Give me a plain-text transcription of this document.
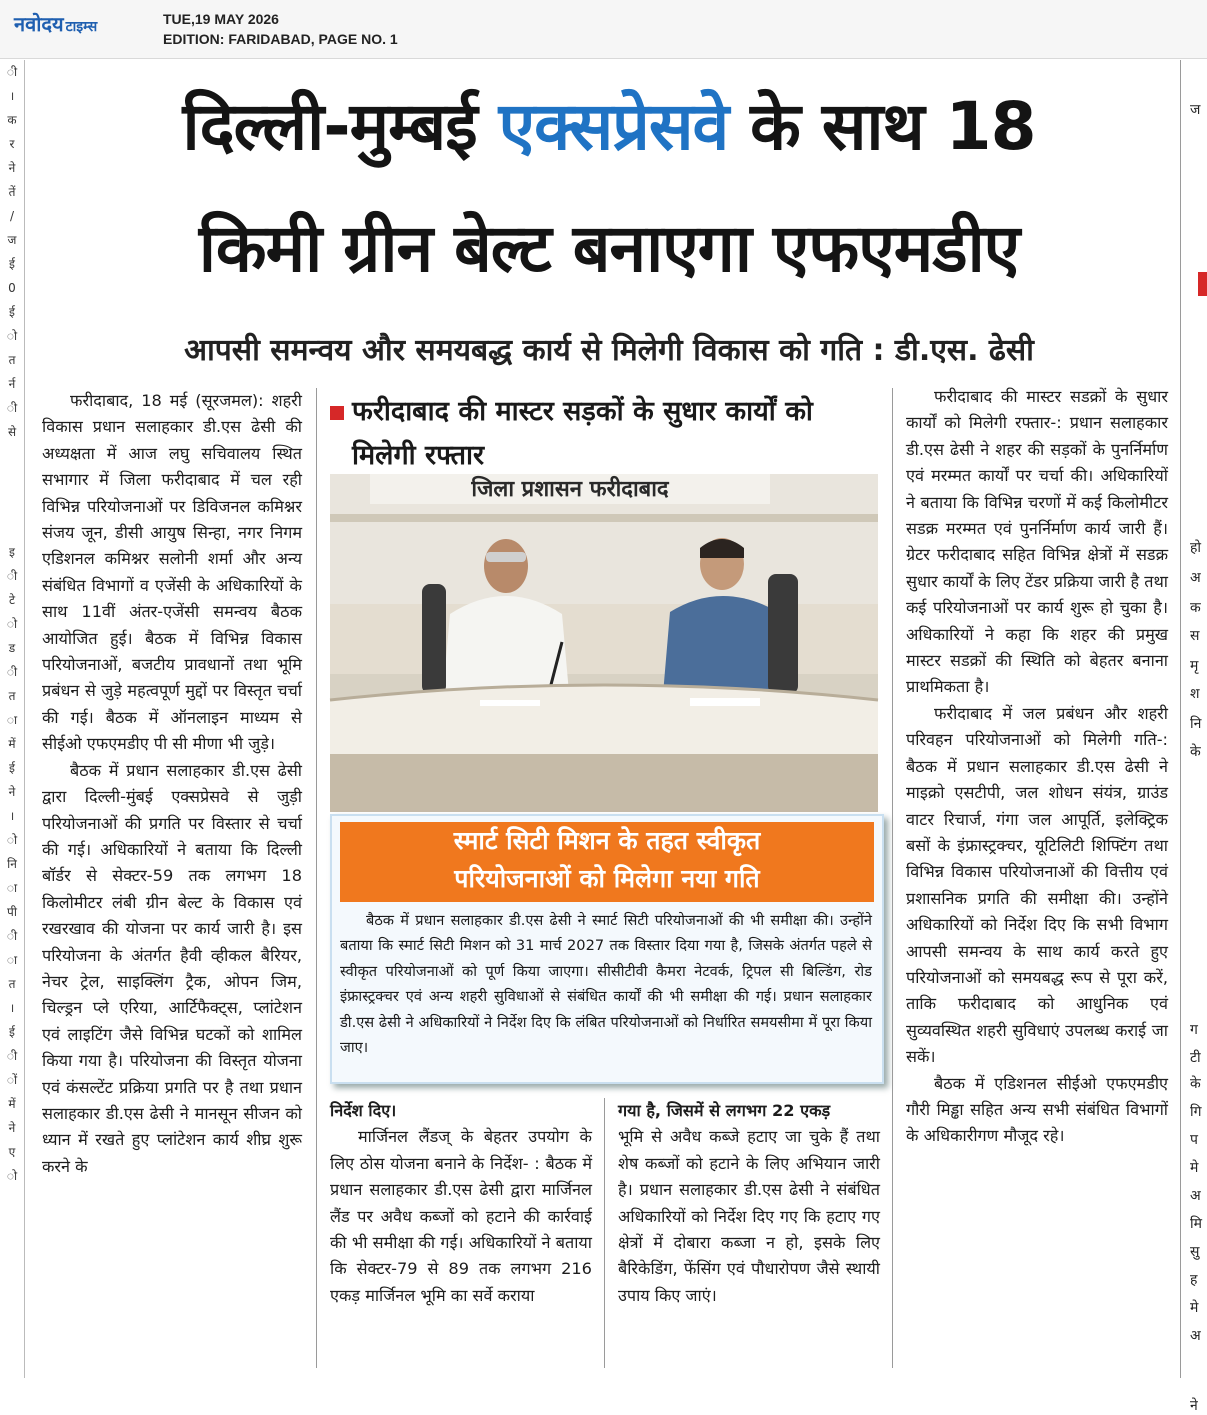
नवोदय टाइम्स	TUE,19 MAY 2026
EDITION: FARIDABAD, PAGE NO. 1
ी
।
क
र
ने
तें
/
ज
ई
0
ई
ो
त
र्न
ी
से

इ
ी
टे
ो
ड
ी
त
ा
में
ई
ने
।
ो
नि
ा
पी
ी
ा
त
।
ई
ी
ों
में
ने
ए
ो
ज
हो
अ
क
स
मृ
श
नि
के
ग
टी
के
गि
प
मे
अ
मि
सु
ह
मे
अ
ने
दिल्ली-मुम्बई एक्सप्रेसवे के साथ 18
किमी ग्रीन बेल्ट बनाएगा एफएमडीए
आपसी समन्वय और समयबद्ध कार्य से मिलेगी विकास को गति : डी.एस. ढेसी

फरीदाबाद, 18 मई (सूरजमल): शहरी विकास प्रधान सलाहकार डी.एस ढेसी की अध्यक्षता में आज लघु सचिवालय स्थित सभागार में जिला फरीदाबाद में चल रही विभिन्न परियोजनाओं पर डिविजनल कमिश्नर संजय जून, डीसी आयुष सिन्हा, नगर निगम एडिशनल कमिश्नर सलोनी शर्मा और अन्य संबंधित विभागों व एजेंसी के अधिकारियों के साथ 11वीं अंतर-एजेंसी समन्वय बैठक आयोजित हुई। बैठक में विभिन्न विकास परियोजनाओं, बजटीय प्रावधानों तथा भूमि प्रबंधन से जुड़े महत्वपूर्ण मुद्दों पर विस्तृत चर्चा की गई। बैठक में ऑनलाइन माध्यम से सीईओ एफएमडीए पी सी मीणा भी जुड़े।

बैठक में प्रधान सलाहकार डी.एस ढेसी द्वारा दिल्ली-मुंबई एक्सप्रेसवे से जुड़ी परियोजनाओं की प्रगति पर विस्तार से चर्चा की गई। अधिकारियों ने बताया कि दिल्ली बॉर्डर से सेक्टर-59 तक लगभग 18 किलोमीटर लंबी ग्रीन बेल्ट के विकास एवं रखरखाव की योजना पर कार्य जारी है। इस परियोजना के अंतर्गत हैवी व्हीकल बैरियर, नेचर ट्रेल, साइक्लिंग ट्रैक, ओपन जिम, चिल्ड्रन प्ले एरिया, आर्टिफैक्ट्स, प्लांटेशन एवं लाइटिंग जैसे विभिन्न घटकों को शामिल किया गया है। परियोजना की विस्तृत योजना एवं कंसल्टेंट प्रक्रिया प्रगति पर है तथा प्रधान सलाहकार डी.एस ढेसी ने मानसून सीजन को ध्यान में रखते हुए प्लांटेशन कार्य शीघ्र शुरू करने के

फरीदाबाद की मास्टर सड़कों के सुधार कार्यों को
मिलेगी रफ्तार
जिला प्रशासन फरीदाबाद
स्मार्ट सिटी मिशन के तहत स्वीकृत
परियोजनाओं को मिलेगा नया गति

बैठक में प्रधान सलाहकार डी.एस ढेसी ने स्मार्ट सिटी परियोजनाओं की भी समीक्षा की। उन्होंने बताया कि स्मार्ट सिटी मिशन को 31 मार्च 2027 तक विस्तार दिया गया है, जिसके अंतर्गत पहले से स्वीकृत परियोजनाओं को पूर्ण किया जाएगा। सीसीटीवी कैमरा नेटवर्क, ट्रिपल सी बिल्डिंग, रोड इंफ्रास्ट्रक्चर एवं अन्य शहरी सुविधाओं से संबंधित कार्यों की भी समीक्षा की गई। प्रधान सलाहकार डी.एस ढेसी ने अधिकारियों ने निर्देश दिए कि लंबित परियोजनाओं को निर्धारित समयसीमा में पूरा किया जाए।

निर्देश दिए।

मार्जिनल लैंडज् के बेहतर उपयोग के लिए ठोस योजना बनाने के निर्देश- : बैठक में प्रधान सलाहकार डी.एस ढेसी द्वारा मार्जिनल लैंड पर अवैध कब्जों को हटाने की कार्रवाई की भी समीक्षा की गई। अधिकारियों ने बताया कि सेक्टर-79 से 89 तक लगभग 216 एकड़ मार्जिनल भूमि का सर्वे कराया

गया है, जिसमें से लगभग 22 एकड़

भूमि से अवैध कब्जे हटाए जा चुके हैं तथा शेष कब्जों को हटाने के लिए अभियान जारी है। प्रधान सलाहकार डी.एस ढेसी ने संबंधित अधिकारियों को निर्देश दिए गए कि हटाए गए क्षेत्रों में दोबारा कब्जा न हो, इसके लिए बैरिकेडिंग, फेंसिंग एवं पौधारोपण जैसे स्थायी उपाय किए जाएं।

फरीदाबाद की मास्टर सडक्रों के सुधार कार्यों को मिलेगी रफ्तार-: प्रधान सलाहकार डी.एस ढेसी ने शहर की सड़कों के पुनर्निर्माण एवं मरम्मत कार्यों पर चर्चा की। अधिकारियों ने बताया कि विभिन्न चरणों में कई किलोमीटर सडक्र मरम्मत एवं पुनर्निर्माण कार्य जारी हैं। ग्रेटर फरीदाबाद सहित विभिन्न क्षेत्रों में सडक्र सुधार कार्यों के लिए टेंडर प्रक्रिया जारी है तथा कई परियोजनाओं पर कार्य शुरू हो चुका है। अधिकारियों ने कहा कि शहर की प्रमुख मास्टर सडक्रों की स्थिति को बेहतर बनाना प्राथमिकता है।

फरीदाबाद में जल प्रबंधन और शहरी परिवहन परियोजनाओं को मिलेगी गति-: बैठक में प्रधान सलाहकार डी.एस ढेसी ने माइक्रो एसटीपी, जल शोधन संयंत्र, ग्राउंड वाटर रिचार्ज, गंगा जल आपूर्ति, इलेक्ट्रिक बसों के इंफ्रास्ट्रक्चर, यूटिलिटी शिफ्टिंग तथा विभिन्न विकास परियोजनाओं की वित्तीय एवं प्रशासनिक प्रगति की समीक्षा की। उन्होंने अधिकारियों को निर्देश दिए कि सभी विभाग आपसी समन्वय के साथ कार्य करते हुए परियोजनाओं को समयबद्ध रूप से पूरा करें, ताकि फरीदाबाद को आधुनिक एवं सुव्यवस्थित शहरी सुविधाएं उपलब्ध कराई जा सकें।

बैठक में एडिशनल सीईओ एफएमडीए गौरी मिड्ढा सहित अन्य सभी संबंधित विभागों के अधिकारीगण मौजूद रहे।
